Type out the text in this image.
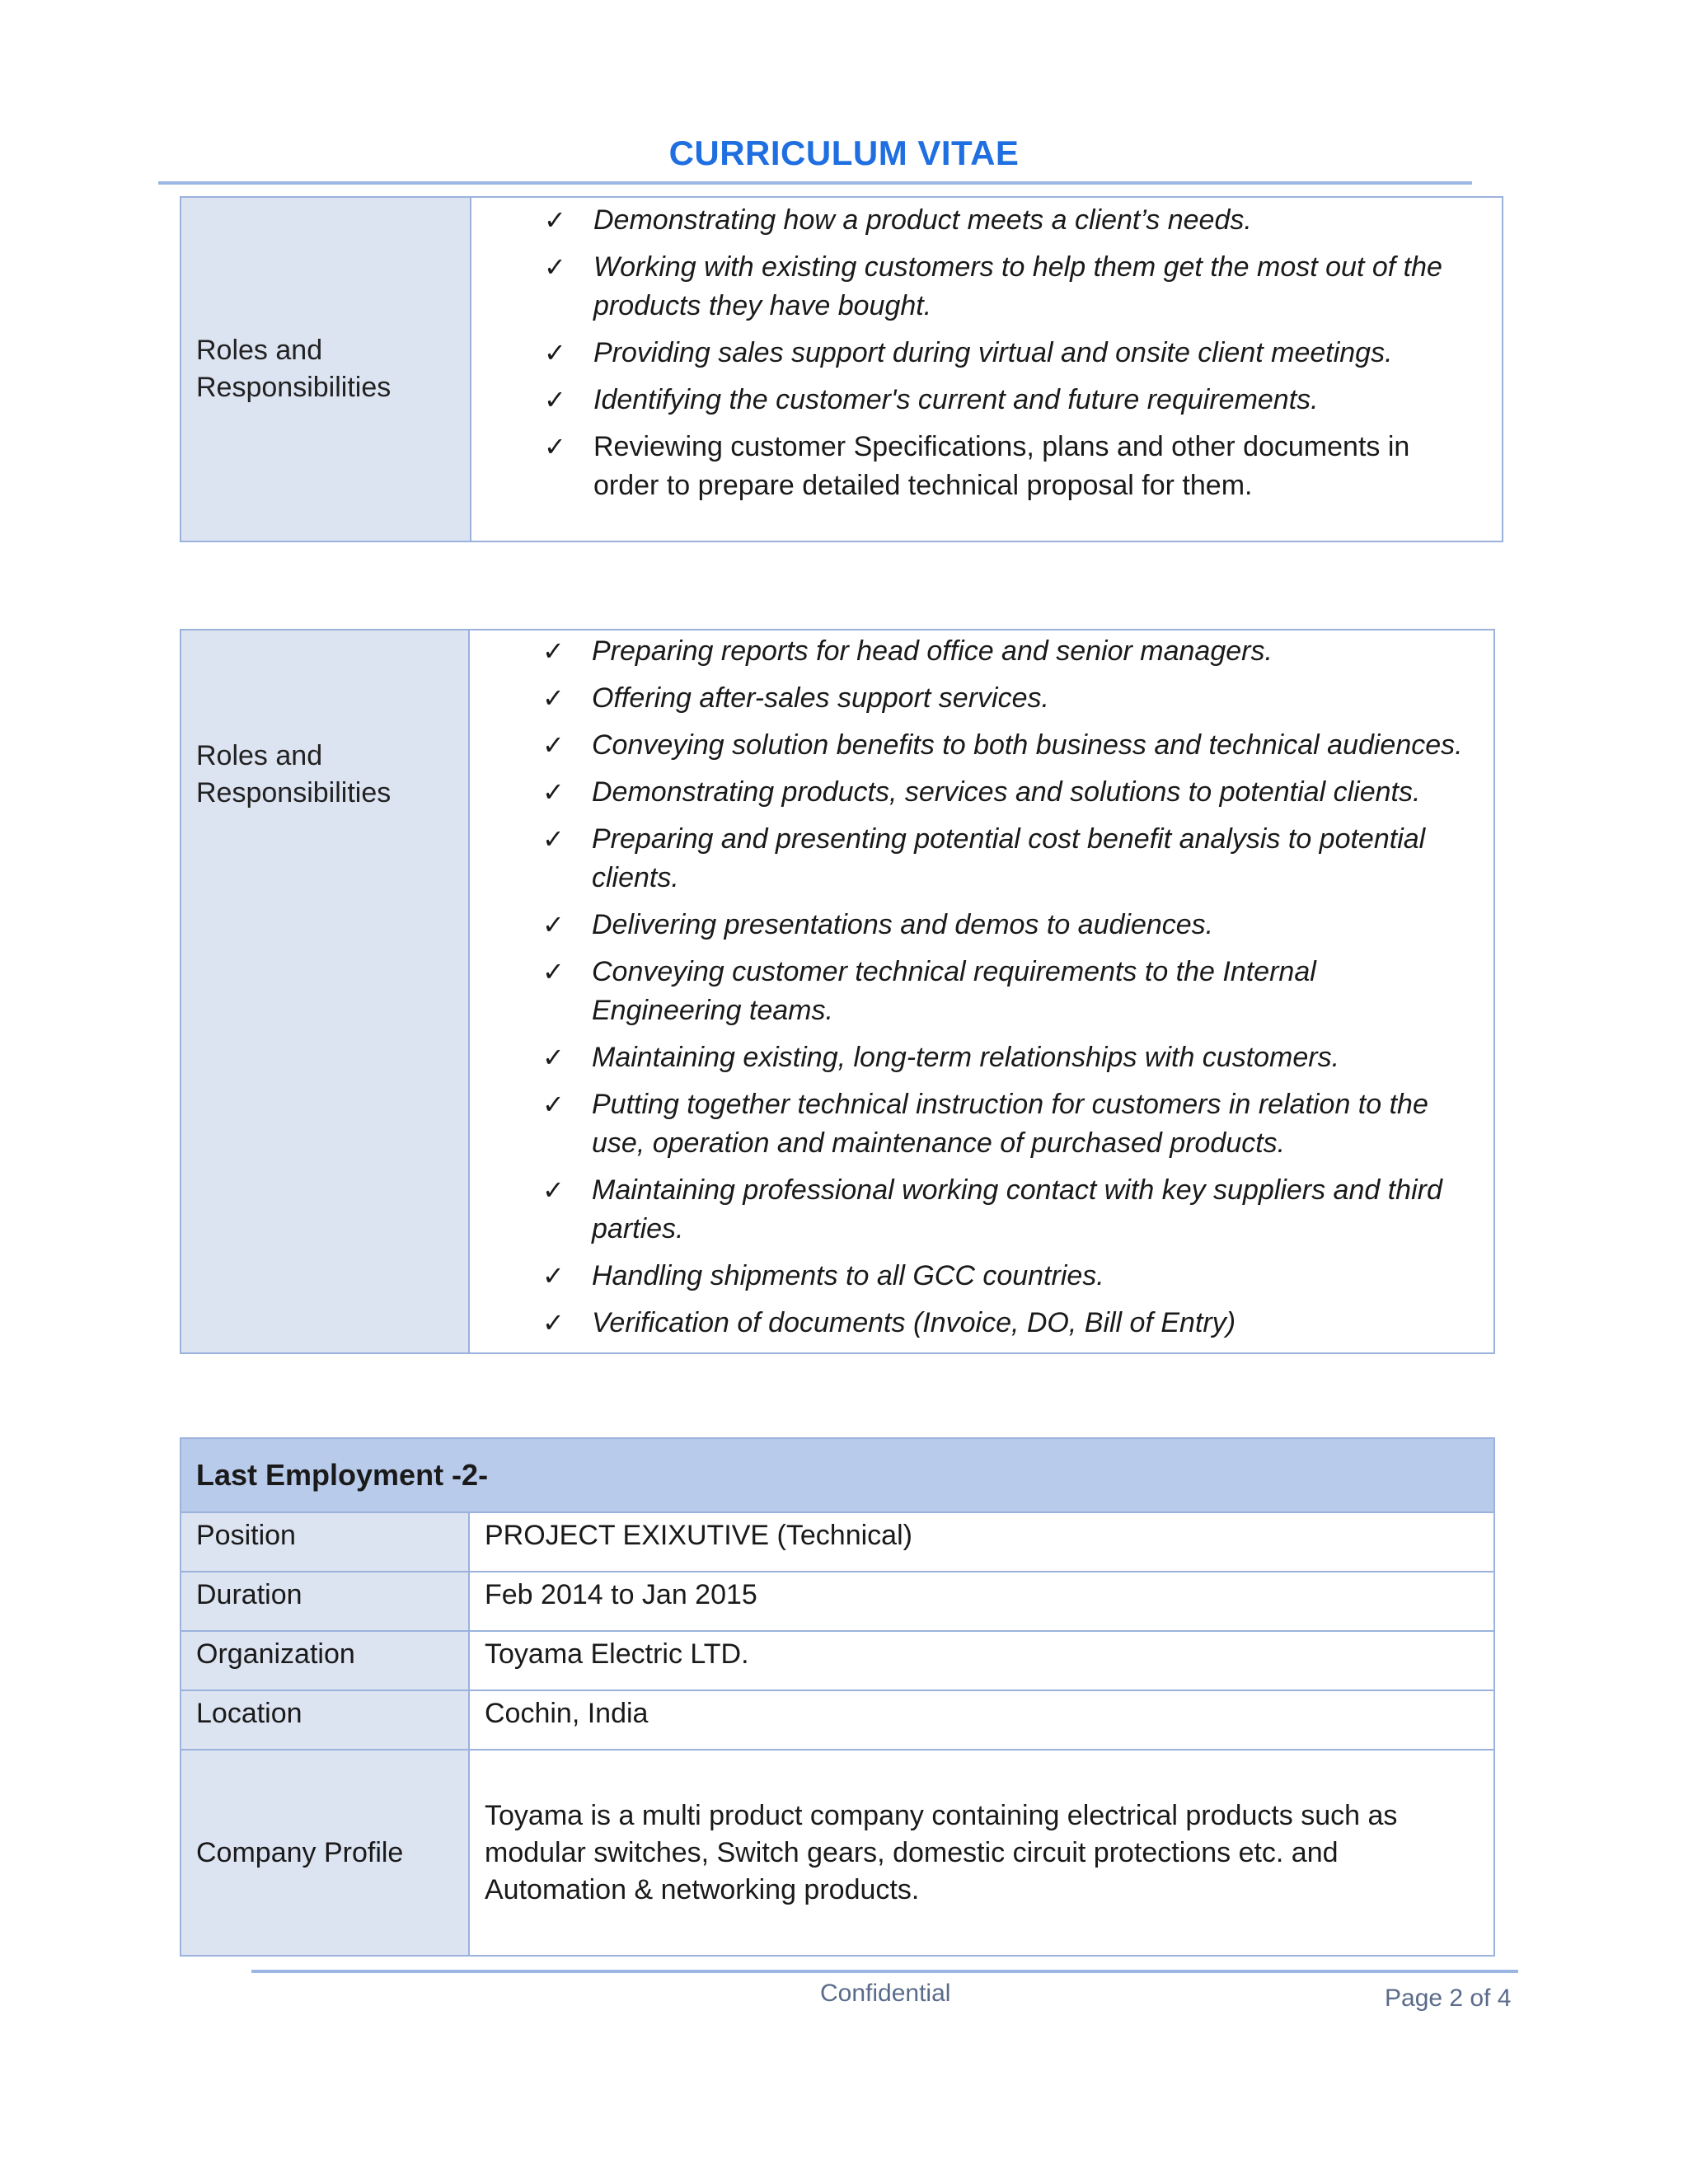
CURRICULUM VITAE
Roles and
Responsibilities

✓ Demonstrating how a product meets a client’s needs.
✓ Working with existing customers to help them get the most out of the products they have bought.
✓ Providing sales support during virtual and onsite client meetings.
✓ Identifying the customer's current and future requirements.
✓ Reviewing customer Specifications, plans and other documents in order to prepare detailed technical proposal for them.
Roles and
Responsibilities

✓ Preparing reports for head office and senior managers.
✓ Offering after-sales support services.
✓ Conveying solution benefits to both business and technical audiences.
✓ Demonstrating products, services and solutions to potential clients.
✓ Preparing and presenting potential cost benefit analysis to potential clients.
✓ Delivering presentations and demos to audiences.
✓ Conveying customer technical requirements to the Internal Engineering teams.
✓ Maintaining existing, long-term relationships with customers.
✓ Putting together technical instruction for customers in relation to the use, operation and maintenance of purchased products.
✓ Maintaining professional working contact with key suppliers and third parties.
✓ Handling shipments to all GCC countries.
✓ Verification of documents (Invoice, DO, Bill of Entry)
Last Employment -2-	
Position	PROJECT EXIXUTIVE (Technical)
Duration	Feb 2014 to Jan 2015
Organization	Toyama Electric LTD.
Location	Cochin, India
Company Profile	Toyama is a multi product company containing electrical products such as modular switches, Switch gears, domestic circuit protections etc. and Automation & networking products.
Confidential	Page 2 of 4
